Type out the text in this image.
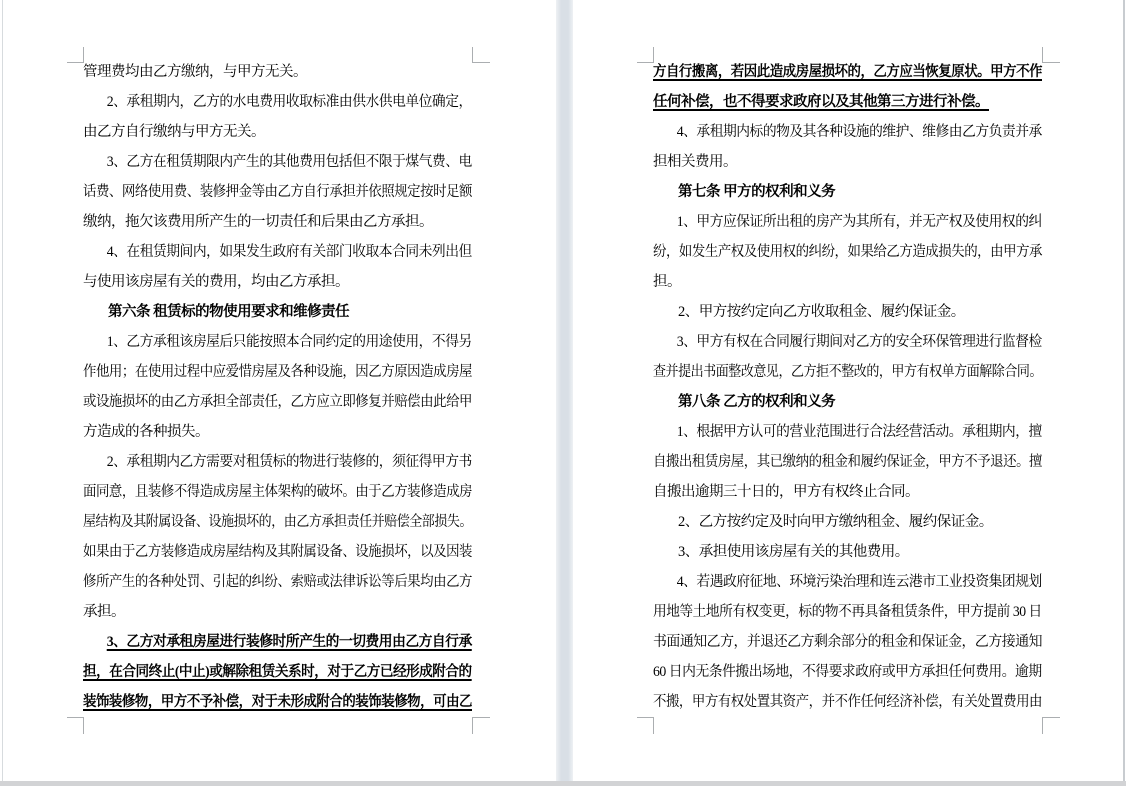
管理费均由乙方缴纳，与甲方无关。
2、承租期内，乙方的水电费用收取标准由供水供电单位确定，
由乙方自行缴纳与甲方无关。
3、乙方在租赁期限内产生的其他费用包括但不限于煤气费、电
话费、网络使用费、装修押金等由乙方自行承担并依照规定按时足额
缴纳，拖欠该费用所产生的一切责任和后果由乙方承担。
4、在租赁期间内，如果发生政府有关部门收取本合同未列出但
与使用该房屋有关的费用，均由乙方承担。
第六条 租赁标的物使用要求和维修责任
1、乙方承租该房屋后只能按照本合同约定的用途使用，不得另
作他用；在使用过程中应爱惜房屋及各种设施，因乙方原因造成房屋
或设施损坏的由乙方承担全部责任，乙方应立即修复并赔偿由此给甲
方造成的各种损失。
2、承租期内乙方需要对租赁标的物进行装修的，须征得甲方书
面同意，且装修不得造成房屋主体架构的破坏。由于乙方装修造成房
屋结构及其附属设备、设施损坏的，由乙方承担责任并赔偿全部损失。
如果由于乙方装修造成房屋结构及其附属设备、设施损坏，以及因装
修所产生的各种处罚、引起的纠纷、索赔或法律诉讼等后果均由乙方
承担。
3、乙方对承租房屋进行装修时所产生的一切费用由乙方自行承
担，在合同终止(中止)或解除租赁关系时，对于乙方已经形成附合的
装饰装修物，甲方不予补偿，对于未形成附合的装饰装修物，可由乙
方自行搬离，若因此造成房屋损坏的，乙方应当恢复原状。甲方不作
任何补偿，也不得要求政府以及其他第三方进行补偿。
4、承租期内标的物及其各种设施的维护、维修由乙方负责并承
担相关费用。
第七条 甲方的权利和义务
1、甲方应保证所出租的房产为其所有，并无产权及使用权的纠
纷，如发生产权及使用权的纠纷，如果给乙方造成损失的，由甲方承
担。
2、甲方按约定向乙方收取租金、履约保证金。
3、甲方有权在合同履行期间对乙方的安全环保管理进行监督检
查并提出书面整改意见，乙方拒不整改的，甲方有权单方面解除合同。
第八条 乙方的权利和义务
1、根据甲方认可的营业范围进行合法经营活动。承租期内，擅
自搬出租赁房屋，其已缴纳的租金和履约保证金，甲方不予退还。擅
自搬出逾期三十日的，甲方有权终止合同。
2、乙方按约定及时向甲方缴纳租金、履约保证金。
3、承担使用该房屋有关的其他费用。
4、若遇政府征地、环境污染治理和连云港市工业投资集团规划
用地等土地所有权变更，标的物不再具备租赁条件，甲方提前 30 日
书面通知乙方，并退还乙方剩余部分的租金和保证金，乙方接通知
60 日内无条件搬出场地，不得要求政府或甲方承担任何费用。逾期
不搬，甲方有权处置其资产，并不作任何经济补偿，有关处置费用由
